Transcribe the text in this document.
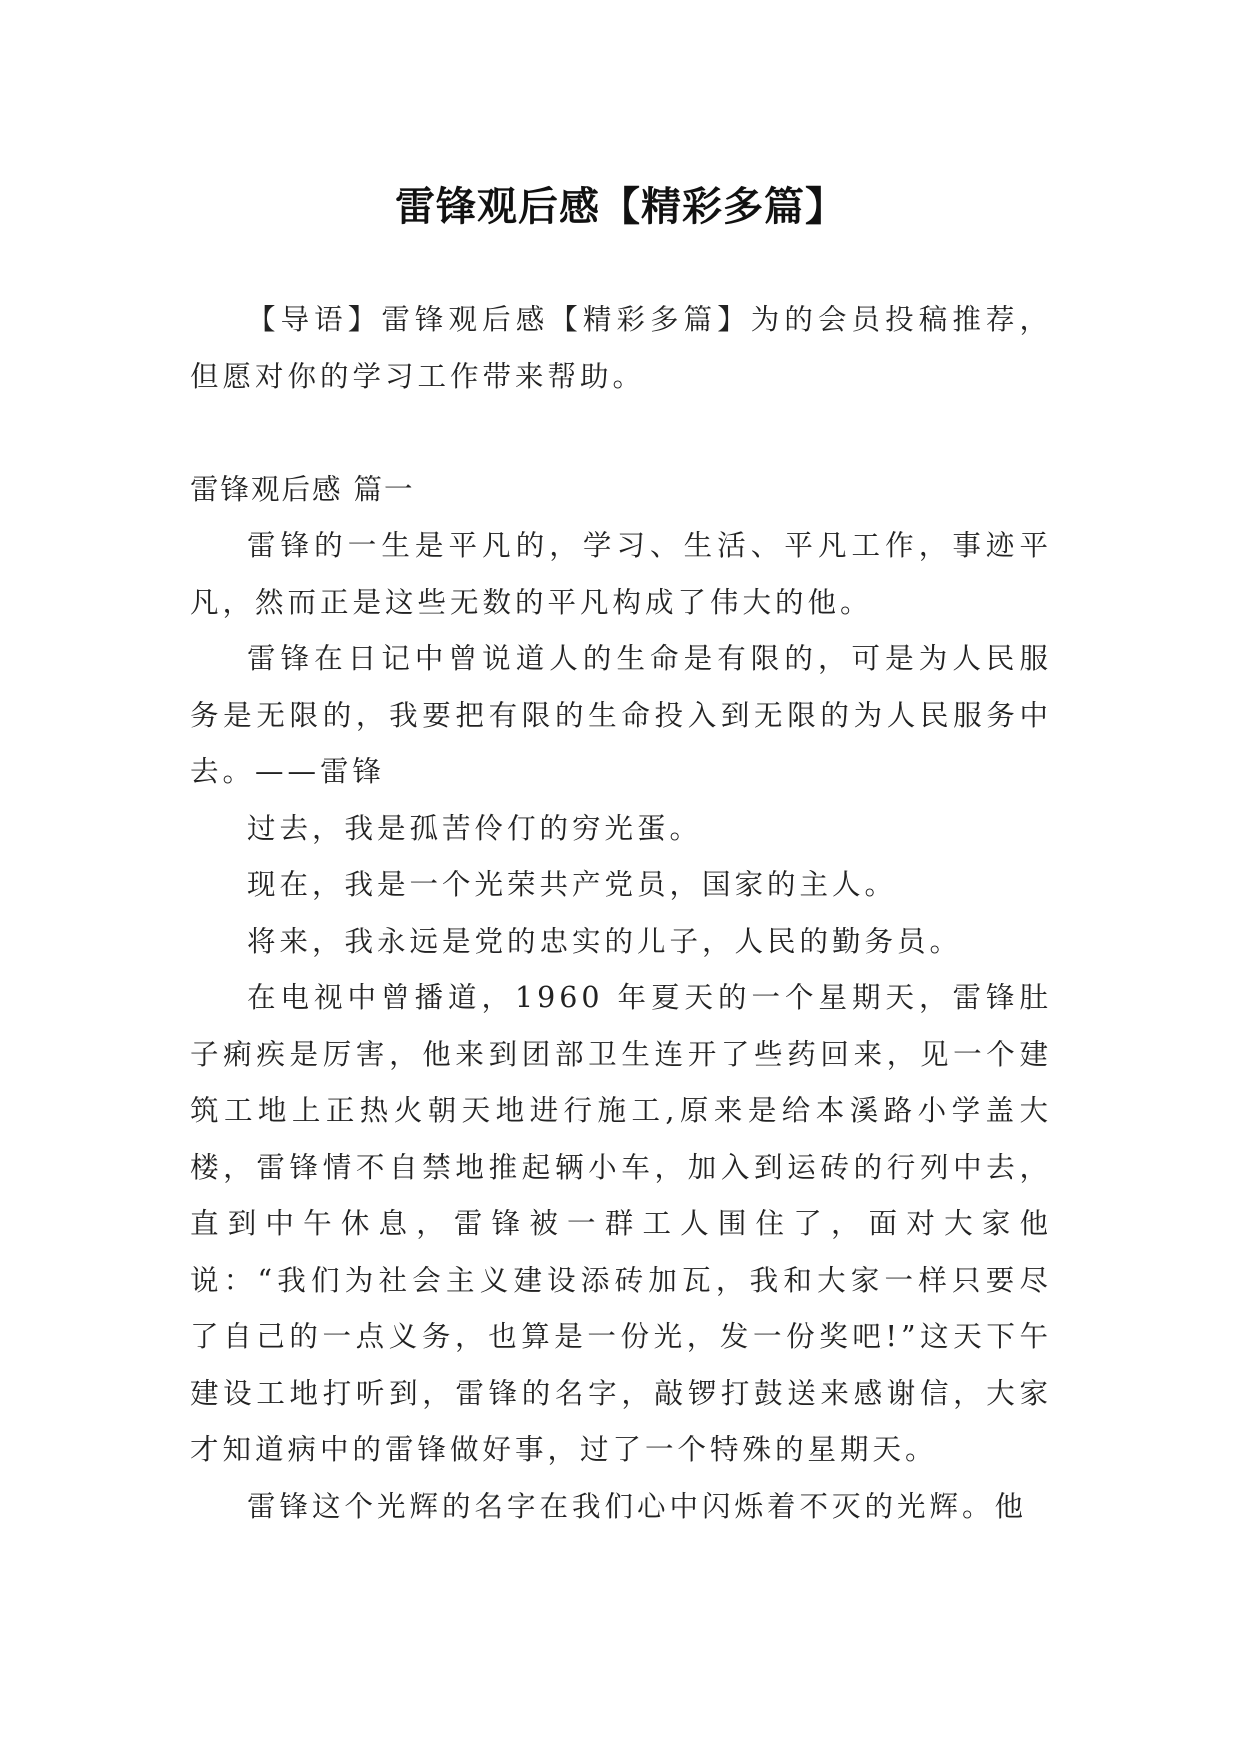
雷锋观后感【精彩多篇】

【导语】雷锋观后感【精彩多篇】为的会员投稿推荐，但愿对你的学习工作带来帮助。

雷锋观后感 篇一

雷锋的一生是平凡的，学习、生活、平凡工作，事迹平凡，然而正是这些无数的平凡构成了伟大的他。

雷锋在日记中曾说道人的生命是有限的，可是为人民服务是无限的，我要把有限的生命投入到无限的为人民服务中去。——雷锋

过去，我是孤苦伶仃的穷光蛋。

现在，我是一个光荣共产党员，国家的主人。

将来，我永远是党的忠实的儿子，人民的勤务员。

在电视中曾播道，1960 年夏天的一个星期天，雷锋肚子痢疾是厉害，他来到团部卫生连开了些药回来，见一个建筑工地上正热火朝天地进行施工,原来是给本溪路小学盖大楼，雷锋情不自禁地推起辆小车，加入到运砖的行列中去，直到中午休息，雷锋被一群工人围住了，面对大家他说：“我们为社会主义建设添砖加瓦，我和大家一样只要尽了自己的一点义务，也算是一份光，发一份奖吧!”这天下午建设工地打听到，雷锋的名字，敲锣打鼓送来感谢信，大家才知道病中的雷锋做好事，过了一个特殊的星期天。

雷锋这个光辉的名字在我们心中闪烁着不灭的光辉。他
